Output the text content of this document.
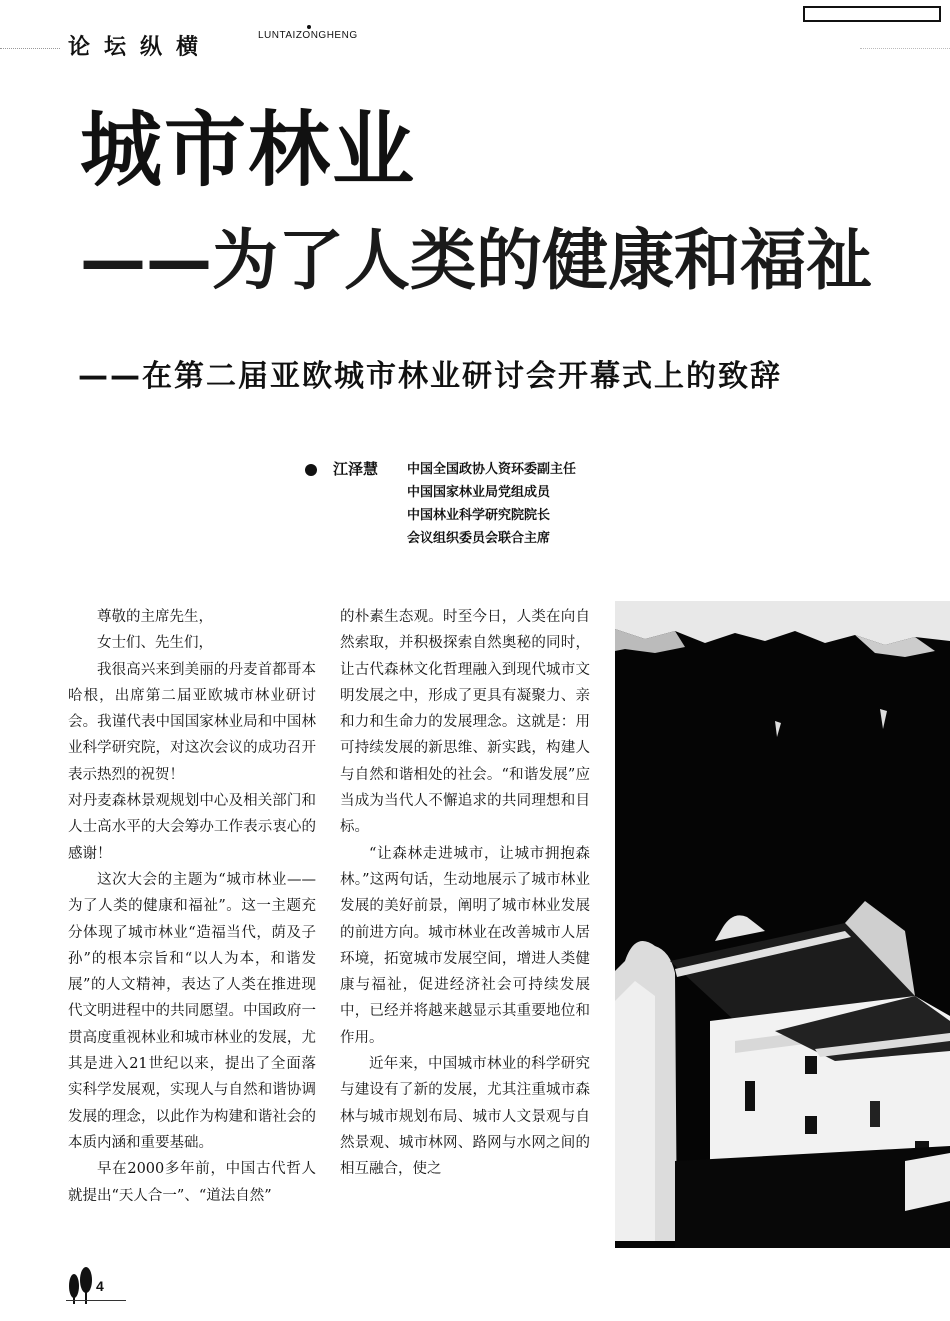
论坛纵横	LUNTAIZONGHENG
城市林业
——为了人类的健康和福祉
——在第二届亚欧城市林业研讨会开幕式上的致辞
江泽慧 中国全国政协人资环委副主任
中国国家林业局党组成员
中国林业科学研究院院长
会议组织委员会联合主席

尊敬的主席先生，

女士们、先生们，

我很高兴来到美丽的丹麦首都哥本哈根，出席第二届亚欧城市林业研讨会。我谨代表中国国家林业局和中国林业科学研究院，对这次会议的成功召开表示热烈的祝贺！

对丹麦森林景观规划中心及相关部门和人士高水平的大会筹办工作表示衷心的感谢！

这次大会的主题为“城市林业——为了人类的健康和福祉”。这一主题充分体现了城市林业“造福当代，荫及子孙”的根本宗旨和“以人为本，和谐发展”的人文精神，表达了人类在推进现代文明进程中的共同愿望。中国政府一贯高度重视林业和城市林业的发展，尤其是进入21世纪以来，提出了全面落实科学发展观，实现人与自然和谐协调发展的理念，以此作为构建和谐社会的本质内涵和重要基础。

早在2000多年前，中国古代哲人就提出“天人合一”、“道法自然”

的朴素生态观。时至今日，人类在向自然索取，并积极探索自然奥秘的同时，让古代森林文化哲理融入到现代城市文明发展之中，形成了更具有凝聚力、亲和力和生命力的发展理念。这就是：用可持续发展的新思维、新实践，构建人与自然和谐相处的社会。“和谐发展”应当成为当代人不懈追求的共同理想和目标。

“让森林走进城市，让城市拥抱森林。”这两句话，生动地展示了城市林业发展的美好前景，阐明了城市林业发展的前进方向。城市林业在改善城市人居环境，拓宽城市发展空间，增进人类健康与福祉，促进经济社会可持续发展中，已经并将越来越显示其重要地位和作用。

近年来，中国城市林业的科学研究与建设有了新的发展，尤其注重城市森林与城市规划布局、城市人文景观与自然景观、城市林网、路网与水网之间的相互融合，使之

4
